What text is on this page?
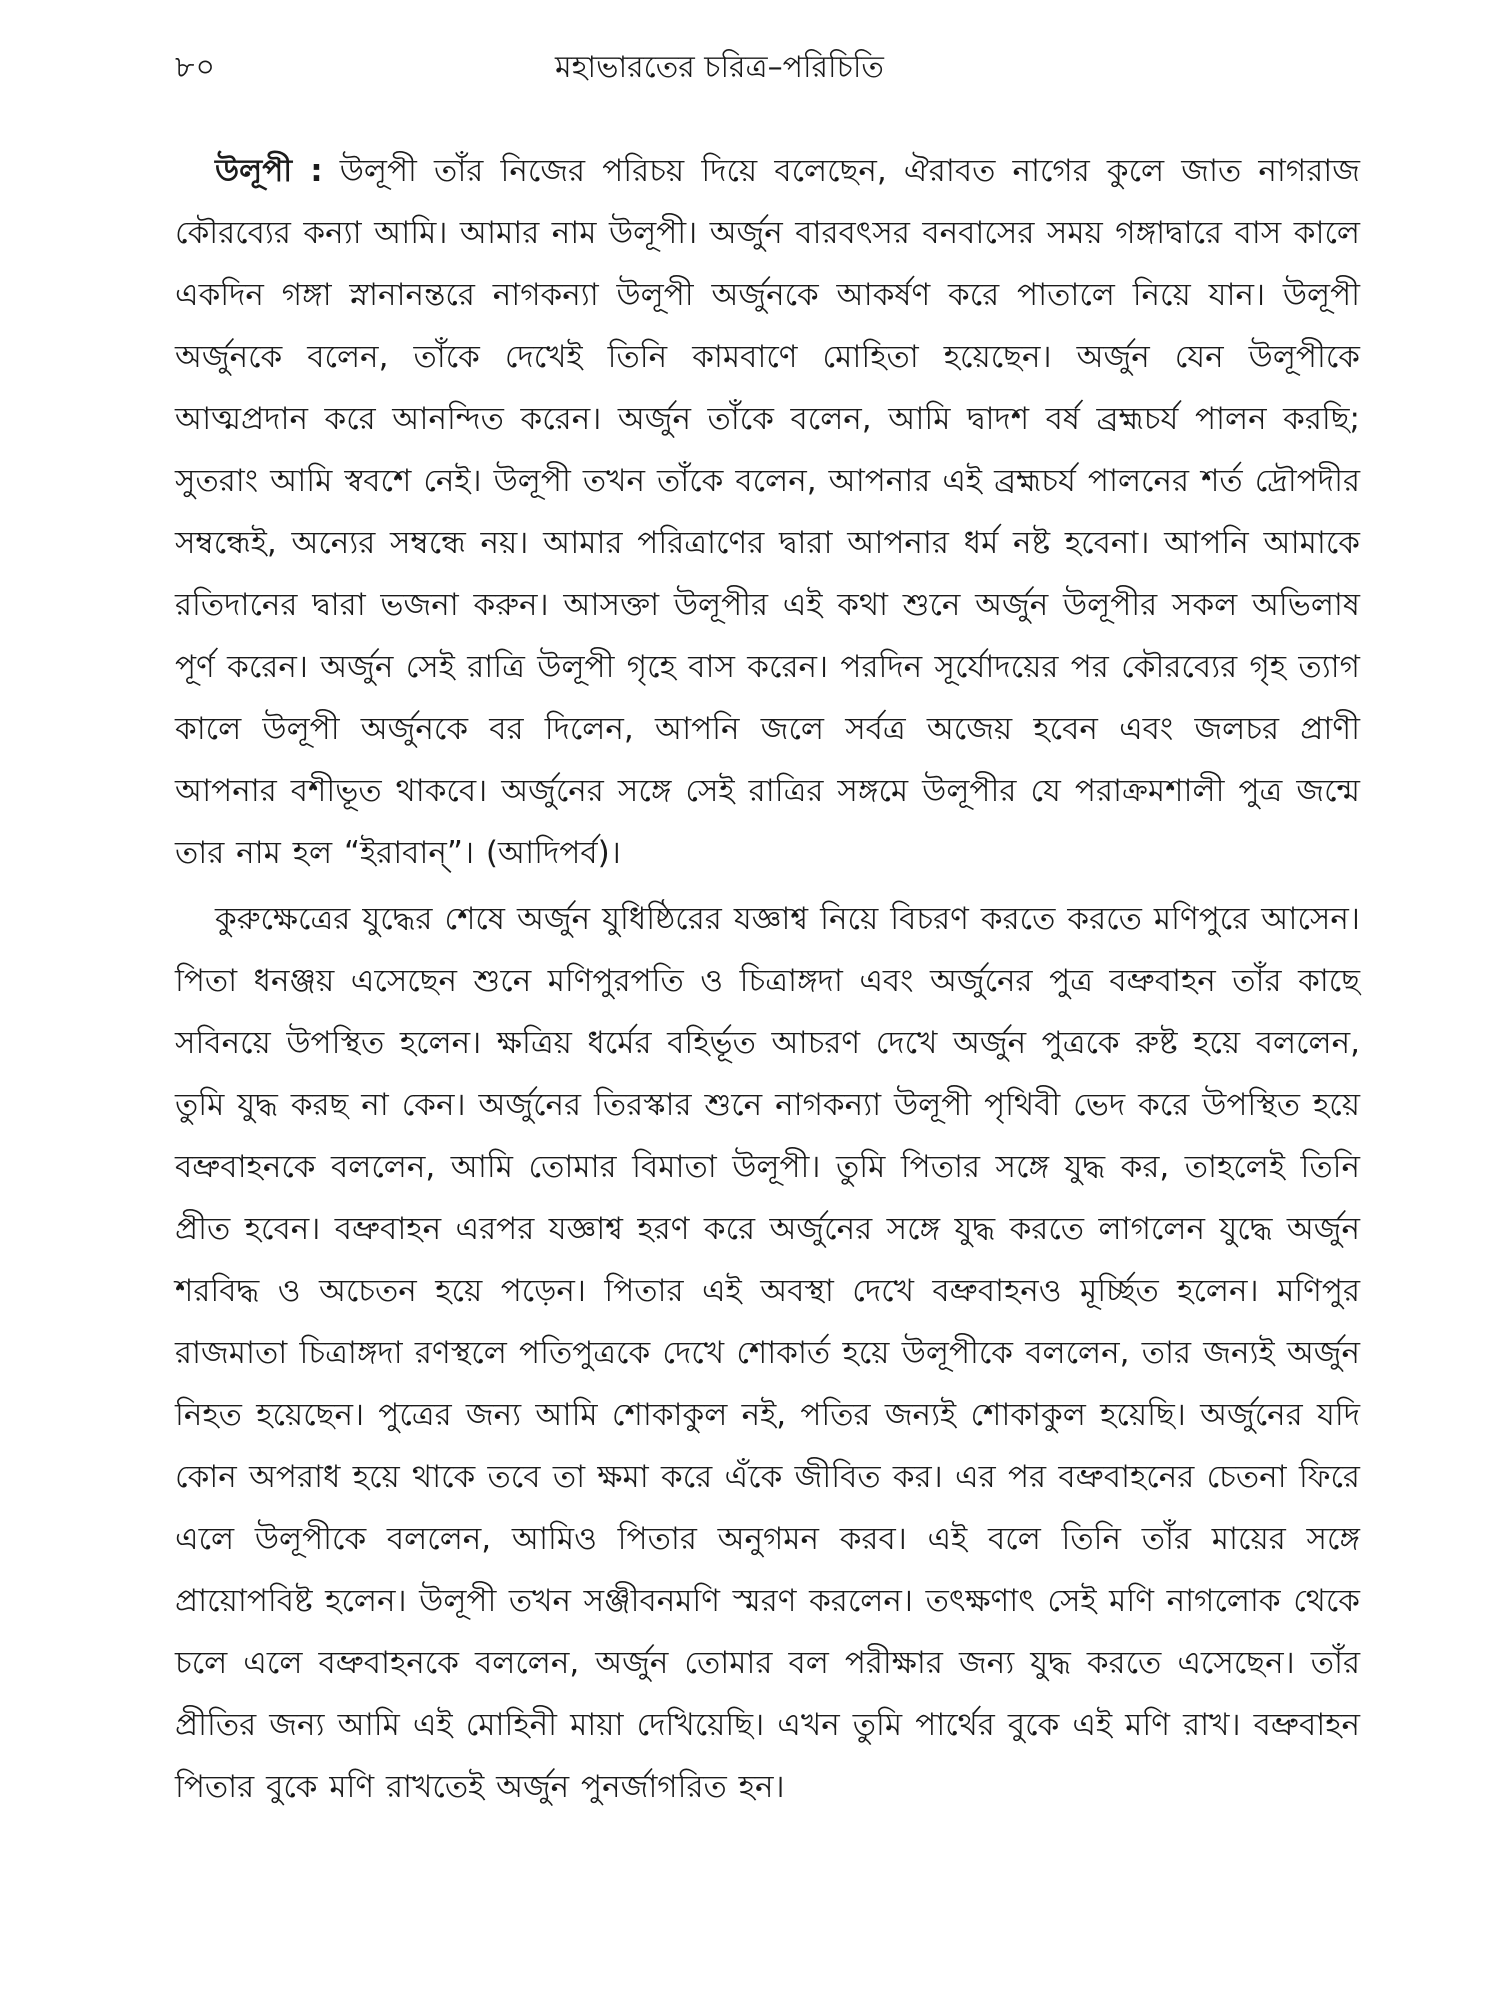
৮০	মহাভারতের চরিত্র–পরিচিতি

উলূপী : উলূপী তাঁর নিজের পরিচয় দিয়ে বলেছেন, ঐরাবত নাগের কুলে জাত নাগরাজ কৌরব্যের কন্যা আমি। আমার নাম উলূপী। অর্জুন বারবৎসর বনবাসের সময় গঙ্গাদ্বারে বাস কালে একদিন গঙ্গা স্নানানন্তরে নাগকন্যা উলূপী অর্জুনকে আকর্ষণ করে পাতালে নিয়ে যান। উলূপী অর্জুনকে বলেন, তাঁকে দেখেই তিনি কামবাণে মোহিতা হয়েছেন। অর্জুন যেন উলূপীকে আত্মপ্রদান করে আনন্দিত করেন। অর্জুন তাঁকে বলেন, আমি দ্বাদশ বর্ষ ব্রহ্মচর্য পালন করছি; সুতরাং আমি স্ববশে নেই। উলূপী তখন তাঁকে বলেন, আপনার এই ব্রহ্মচর্য পালনের শর্ত দ্রৌপদীর সম্বন্ধেই, অন্যের সম্বন্ধে নয়। আমার পরিত্রাণের দ্বারা আপনার ধর্ম নষ্ট হবেনা। আপনি আমাকে রতিদানের দ্বারা ভজনা করুন। আসক্তা উলূপীর এই কথা শুনে অর্জুন উলূপীর সকল অভিলাষ পূর্ণ করেন। অর্জুন সেই রাত্রি উলূপী গৃহে বাস করেন। পরদিন সূর্যোদয়ের পর কৌরব্যের গৃহ ত্যাগ কালে উলূপী অর্জুনকে বর দিলেন, আপনি জলে সর্বত্র অজেয় হবেন এবং জলচর প্রাণী আপনার বশীভূত থাকবে। অর্জুনের সঙ্গে সেই রাত্রির সঙ্গমে উলূপীর যে পরাক্রমশালী পুত্র জন্মে তার নাম হল “ইরাবান্”। (আদিপর্ব)।

কুরুক্ষেত্রের যুদ্ধের শেষে অর্জুন যুধিষ্ঠিরের যজ্ঞাশ্ব নিয়ে বিচরণ করতে করতে মণিপুরে আসেন। পিতা ধনঞ্জয় এসেছেন শুনে মণিপুরপতি ও চিত্রাঙ্গদা এবং অর্জুনের পুত্র বভ্রুবাহন তাঁর কাছে সবিনয়ে উপস্থিত হলেন। ক্ষত্রিয় ধর্মের বহির্ভূত আচরণ দেখে অর্জুন পুত্রকে রুষ্ট হয়ে বললেন, তুমি যুদ্ধ করছ না কেন। অর্জুনের তিরস্কার শুনে নাগকন্যা উলূপী পৃথিবী ভেদ করে উপস্থিত হয়ে বভ্রুবাহনকে বললেন, আমি তোমার বিমাতা উলূপী। তুমি পিতার সঙ্গে যুদ্ধ কর, তাহলেই তিনি প্রীত হবেন। বভ্রুবাহন এরপর যজ্ঞাশ্ব হরণ করে অর্জুনের সঙ্গে যুদ্ধ করতে লাগলেন যুদ্ধে অর্জুন শরবিদ্ধ ও অচেতন হয়ে পড়েন। পিতার এই অবস্থা দেখে বভ্রুবাহনও মূর্চ্ছিত হলেন। মণিপুর রাজমাতা চিত্রাঙ্গদা রণস্থলে পতিপুত্রকে দেখে শোকার্ত হয়ে উলূপীকে বললেন, তার জন্যই অর্জুন নিহত হয়েছেন। পুত্রের জন্য আমি শোকাকুল নই, পতির জন্যই শোকাকুল হয়েছি। অর্জুনের যদি কোন অপরাধ হয়ে থাকে তবে তা ক্ষমা করে এঁকে জীবিত কর। এর পর বভ্রুবাহনের চেতনা ফিরে এলে উলূপীকে বললেন, আমিও পিতার অনুগমন করব। এই বলে তিনি তাঁর মায়ের সঙ্গে প্রায়োপবিষ্ট হলেন। উলূপী তখন সঞ্জীবনমণি স্মরণ করলেন। তৎক্ষণাৎ সেই মণি নাগলোক থেকে চলে এলে বভ্রুবাহনকে বললেন, অর্জুন তোমার বল পরীক্ষার জন্য যুদ্ধ করতে এসেছেন। তাঁর প্রীতির জন্য আমি এই মোহিনী মায়া দেখিয়েছি। এখন তুমি পার্থের বুকে এই মণি রাখ। বভ্রুবাহন পিতার বুকে মণি রাখতেই অর্জুন পুনর্জাগরিত হন।
